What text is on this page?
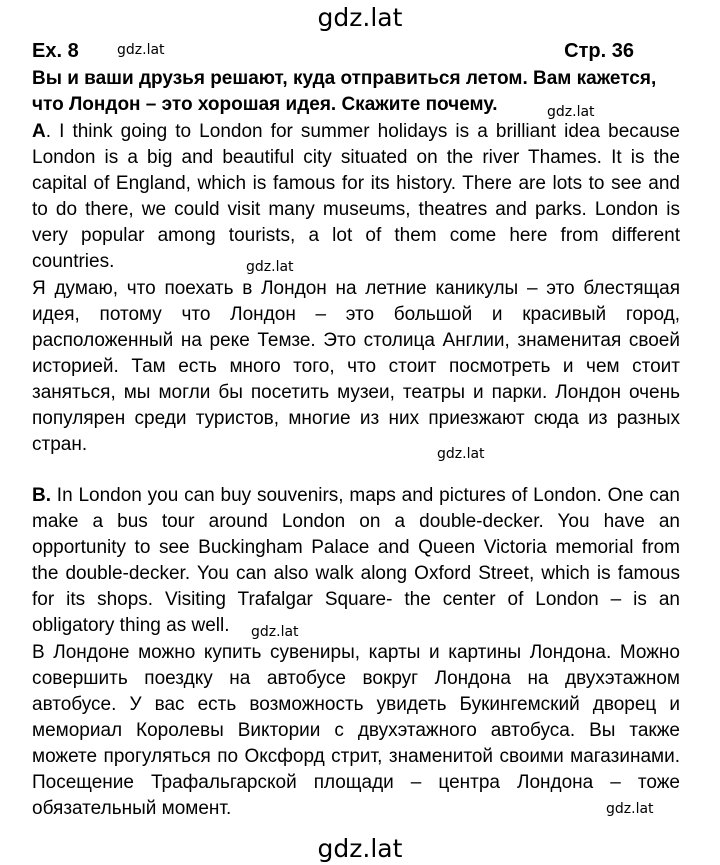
gdz.lat
Ex. 8	gdz.lat	Стр. 36

Вы и ваши друзья решают, куда отправиться летом. Вам кажется, что Лондон – это хорошая идея. Скажите почему.	gdz.lat

A. I think going to London for summer holidays is a brilliant idea because London is a big and beautiful city situated on the river Thames. It is the capital of England, which is famous for its history. There are lots to see and to do there, we could visit many museums, theatres and parks. London is very popular among tourists, a lot of them come here from different countries.	gdz.lat

Я думаю, что поехать в Лондон на летние каникулы – это блестящая идея, потому что Лондон – это большой и красивый город, расположенный на реке Темзе. Это столица Англии, знаменитая своей историей. Там есть много того, что стоит посмотреть и чем стоит заняться, мы могли бы посетить музеи, театры и парки. Лондон очень популярен среди туристов, многие из них приезжают сюда из разных стран.	gdz.lat

B. In London you can buy souvenirs, maps and pictures of London. One can make a bus tour around London on a double-decker. You have an opportunity to see Buckingham Palace and Queen Victoria memorial from the double-decker. You can also walk along Oxford Street, which is famous for its shops. Visiting Trafalgar Square- the center of London – is an obligatory thing as well.	gdz.lat

В Лондоне можно купить сувениры, карты и картины Лондона. Можно совершить поездку на автобусе вокруг Лондона на двухэтажном автобусе. У вас есть возможность увидеть Букингемский дворец и мемориал Королевы Виктории с двухэтажного автобуса. Вы также можете прогуляться по Оксфорд стрит, знаменитой своими магазинами. Посещение Трафальгарской площади – центра Лондона – тоже обязательный момент.	gdz.lat
gdz.lat
